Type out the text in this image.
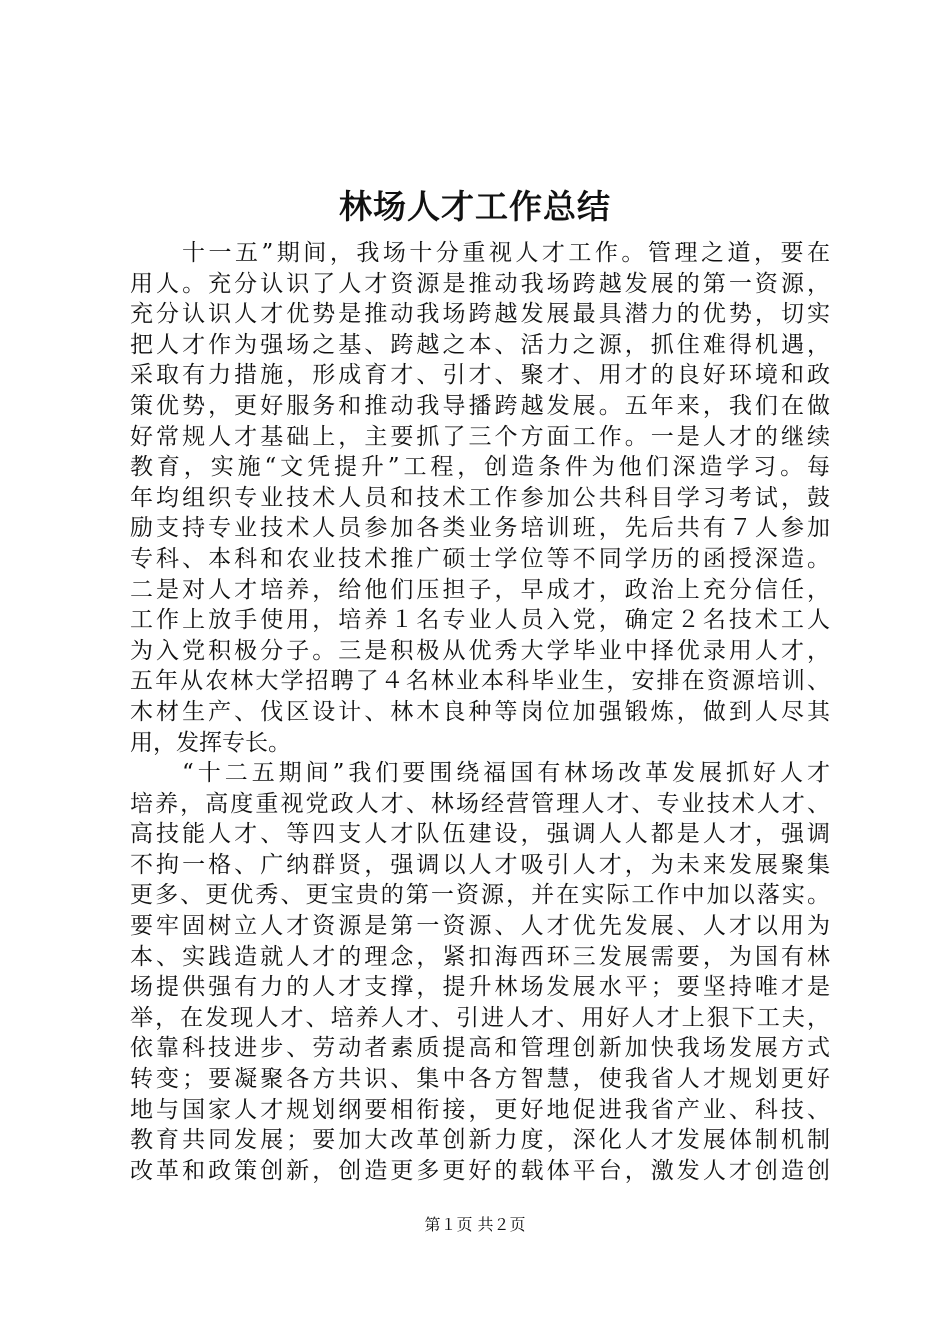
林场人才工作总结
十一五”期间，我场十分重视人才工作。管理之道，要在
用人。充分认识了人才资源是推动我场跨越发展的第一资源，
充分认识人才优势是推动我场跨越发展最具潜力的优势，切实
把人才作为强场之基、跨越之本、活力之源，抓住难得机遇，
采取有力措施，形成育才、引才、聚才、用才的良好环境和政
策优势，更好服务和推动我导播跨越发展。五年来，我们在做
好常规人才基础上，主要抓了三个方面工作。一是人才的继续
教育，实施“文凭提升”工程，创造条件为他们深造学习。每
年均组织专业技术人员和技术工作参加公共科目学习考试，鼓
励支持专业技术人员参加各类业务培训班，先后共有７人参加
专科、本科和农业技术推广硕士学位等不同学历的函授深造。
二是对人才培养，给他们压担子，早成才，政治上充分信任，
工作上放手使用，培养１名专业人员入党，确定２名技术工人
为入党积极分子。三是积极从优秀大学毕业中择优录用人才，
五年从农林大学招聘了４名林业本科毕业生，安排在资源培训、
木材生产、伐区设计、林木良种等岗位加强锻炼，做到人尽其
用，发挥专长。
“十二五期间”我们要围绕福国有林场改革发展抓好人才
培养，高度重视党政人才、林场经营管理人才、专业技术人才、
高技能人才、等四支人才队伍建设，强调人人都是人才，强调
不拘一格、广纳群贤，强调以人才吸引人才，为未来发展聚集
更多、更优秀、更宝贵的第一资源，并在实际工作中加以落实。
要牢固树立人才资源是第一资源、人才优先发展、人才以用为
本、实践造就人才的理念，紧扣海西环三发展需要，为国有林
场提供强有力的人才支撑，提升林场发展水平；要坚持唯才是
举，在发现人才、培养人才、引进人才、用好人才上狠下工夫，
依靠科技进步、劳动者素质提高和管理创新加快我场发展方式
转变；要凝聚各方共识、集中各方智慧，使我省人才规划更好
地与国家人才规划纲要相衔接，更好地促进我省产业、科技、
教育共同发展；要加大改革创新力度，深化人才发展体制机制
改革和政策创新，创造更多更好的载体平台，激发人才创造创
第１页 共２页
